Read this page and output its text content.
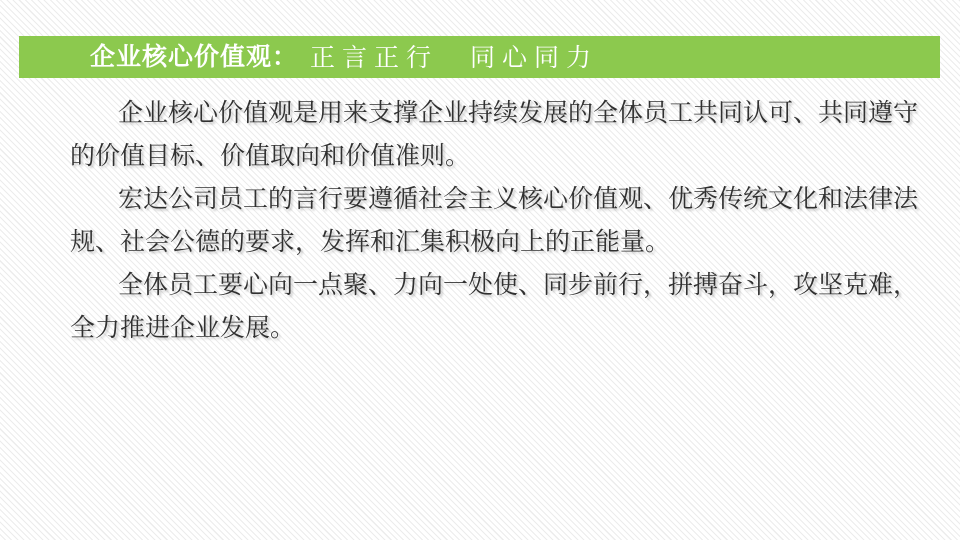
企业核心价值观： 正言正行　同心同力
企业核心价值观是用来支撑企业持续发展的全体员工共同认可、共同遵守
的价值目标、价值取向和价值准则。
宏达公司员工的言行要遵循社会主义核心价值观、优秀传统文化和法律法
规、社会公德的要求，发挥和汇集积极向上的正能量。
全体员工要心向一点聚、力向一处使、同步前行，拼搏奋斗，攻坚克难，
全力推进企业发展。
